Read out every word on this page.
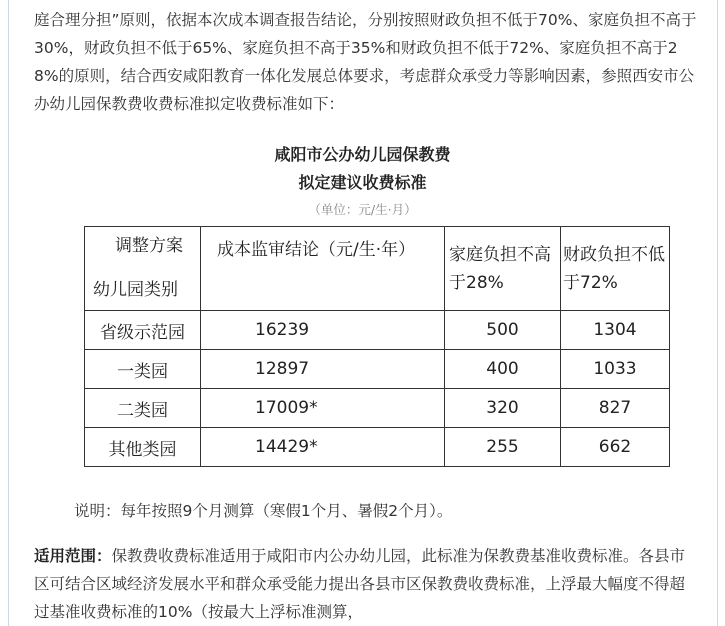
庭合理分担”原则，依据本次成本调查报告结论，分别按照财政负担不低于70%、家庭负担不高于30%，财政负担不低于65%、家庭负担不高于35%和财政负担不低于72%、家庭负担不高于28%的原则，结合西安咸阳教育一体化发展总体要求，考虑群众承受力等影响因素，参照西安市公办幼儿园保教费收费标准拟定收费标准如下：

咸阳市公办幼儿园保教费
拟定建议收费标准
（单位：元/生·月）
调整方案
幼儿园类别	成本监审结论（元/生·年）	家庭负担不高于28%	财政负担不低于72%
省级示范园	16239	500	1304
一类园	12897	400	1033
二类园	17009*	320	827
其他类园	14429*	255	662
说明：每年按照9个月测算（寒假1个月、暑假2个月）。

适用范围：保教费收费标准适用于咸阳市内公办幼儿园，此标准为保教费基准收费标准。各县市区可结合区域经济发展水平和群众承受能力提出各县市区保教费收费标准，上浮最大幅度不得超过基准收费标准的10%（按最大上浮标准测算，
